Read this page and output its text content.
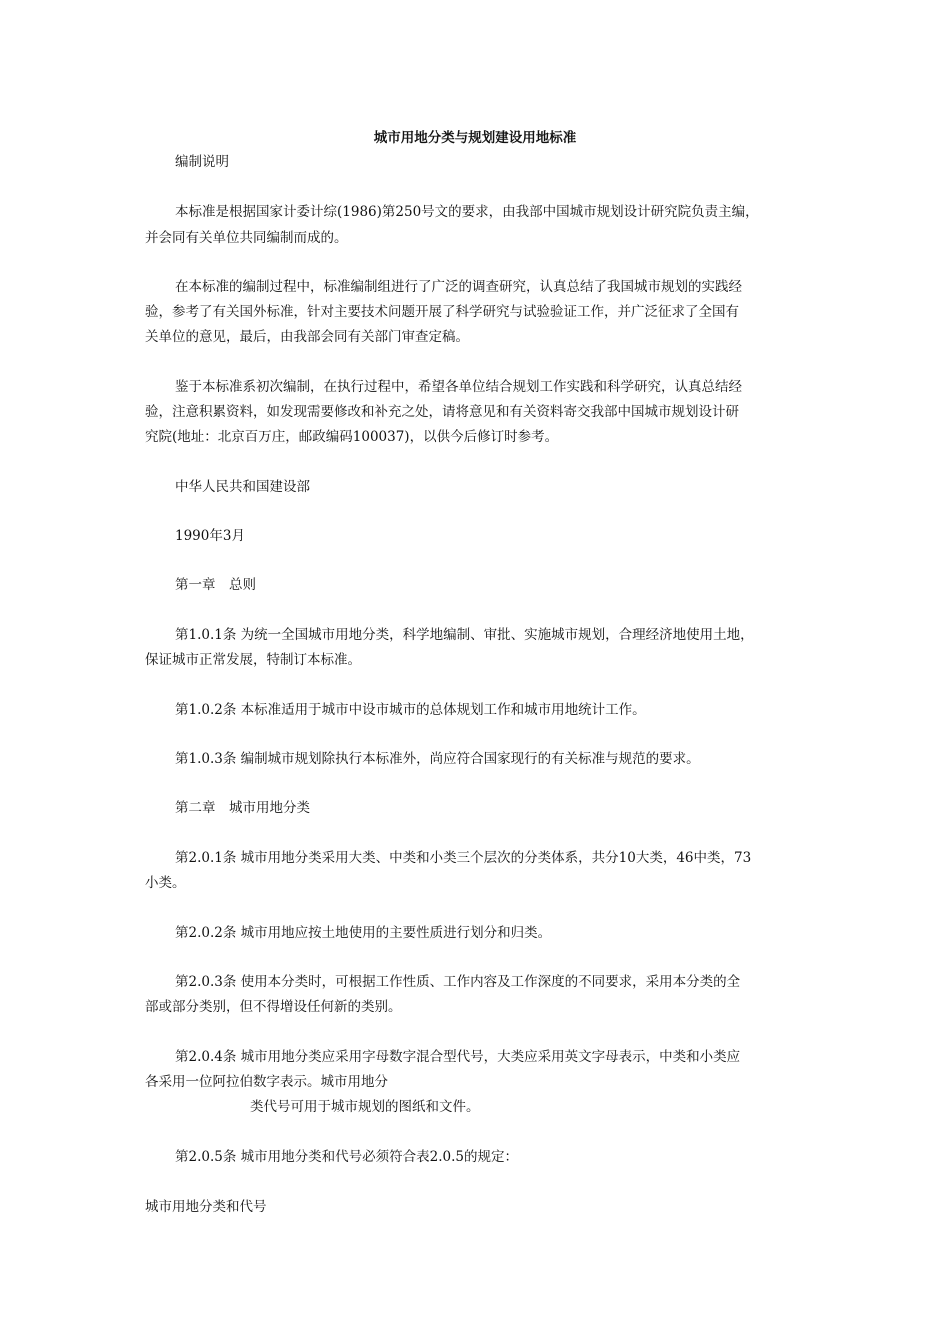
城市用地分类与规划建设用地标准
编制说明
本标准是根据国家计委计综(1986)第250号文的要求，由我部中国城市规划设计研究院负责主编，
并会同有关单位共同编制而成的。
在本标准的编制过程中，标准编制组进行了广泛的调查研究，认真总结了我国城市规划的实践经
验，参考了有关国外标准，针对主要技术问题开展了科学研究与试验验证工作，并广泛征求了全国有
关单位的意见，最后，由我部会同有关部门审查定稿。
鉴于本标准系初次编制，在执行过程中，希望各单位结合规划工作实践和科学研究，认真总结经
验，注意积累资料，如发现需要修改和补充之处，请将意见和有关资料寄交我部中国城市规划设计研
究院(地址：北京百万庄，邮政编码100037)，以供今后修订时参考。
中华人民共和国建设部
1990年3月
第一章　总则
第1.0.1条 为统一全国城市用地分类，科学地编制、审批、实施城市规划，合理经济地使用土地，
保证城市正常发展，特制订本标准。
第1.0.2条 本标准适用于城市中设市城市的总体规划工作和城市用地统计工作。
第1.0.3条 编制城市规划除执行本标准外，尚应符合国家现行的有关标准与规范的要求。
第二章　城市用地分类
第2.0.1条 城市用地分类采用大类、中类和小类三个层次的分类体系，共分10大类，46中类，73
小类。
第2.0.2条 城市用地应按土地使用的主要性质进行划分和归类。
第2.0.3条 使用本分类时，可根据工作性质、工作内容及工作深度的不同要求，采用本分类的全
部或部分类别，但不得增设任何新的类别。
第2.0.4条 城市用地分类应采用字母数字混合型代号，大类应采用英文字母表示，中类和小类应
各采用一位阿拉伯数字表示。城市用地分
类代号可用于城市规划的图纸和文件。
第2.0.5条 城市用地分类和代号必须符合表2.0.5的规定：
城市用地分类和代号
